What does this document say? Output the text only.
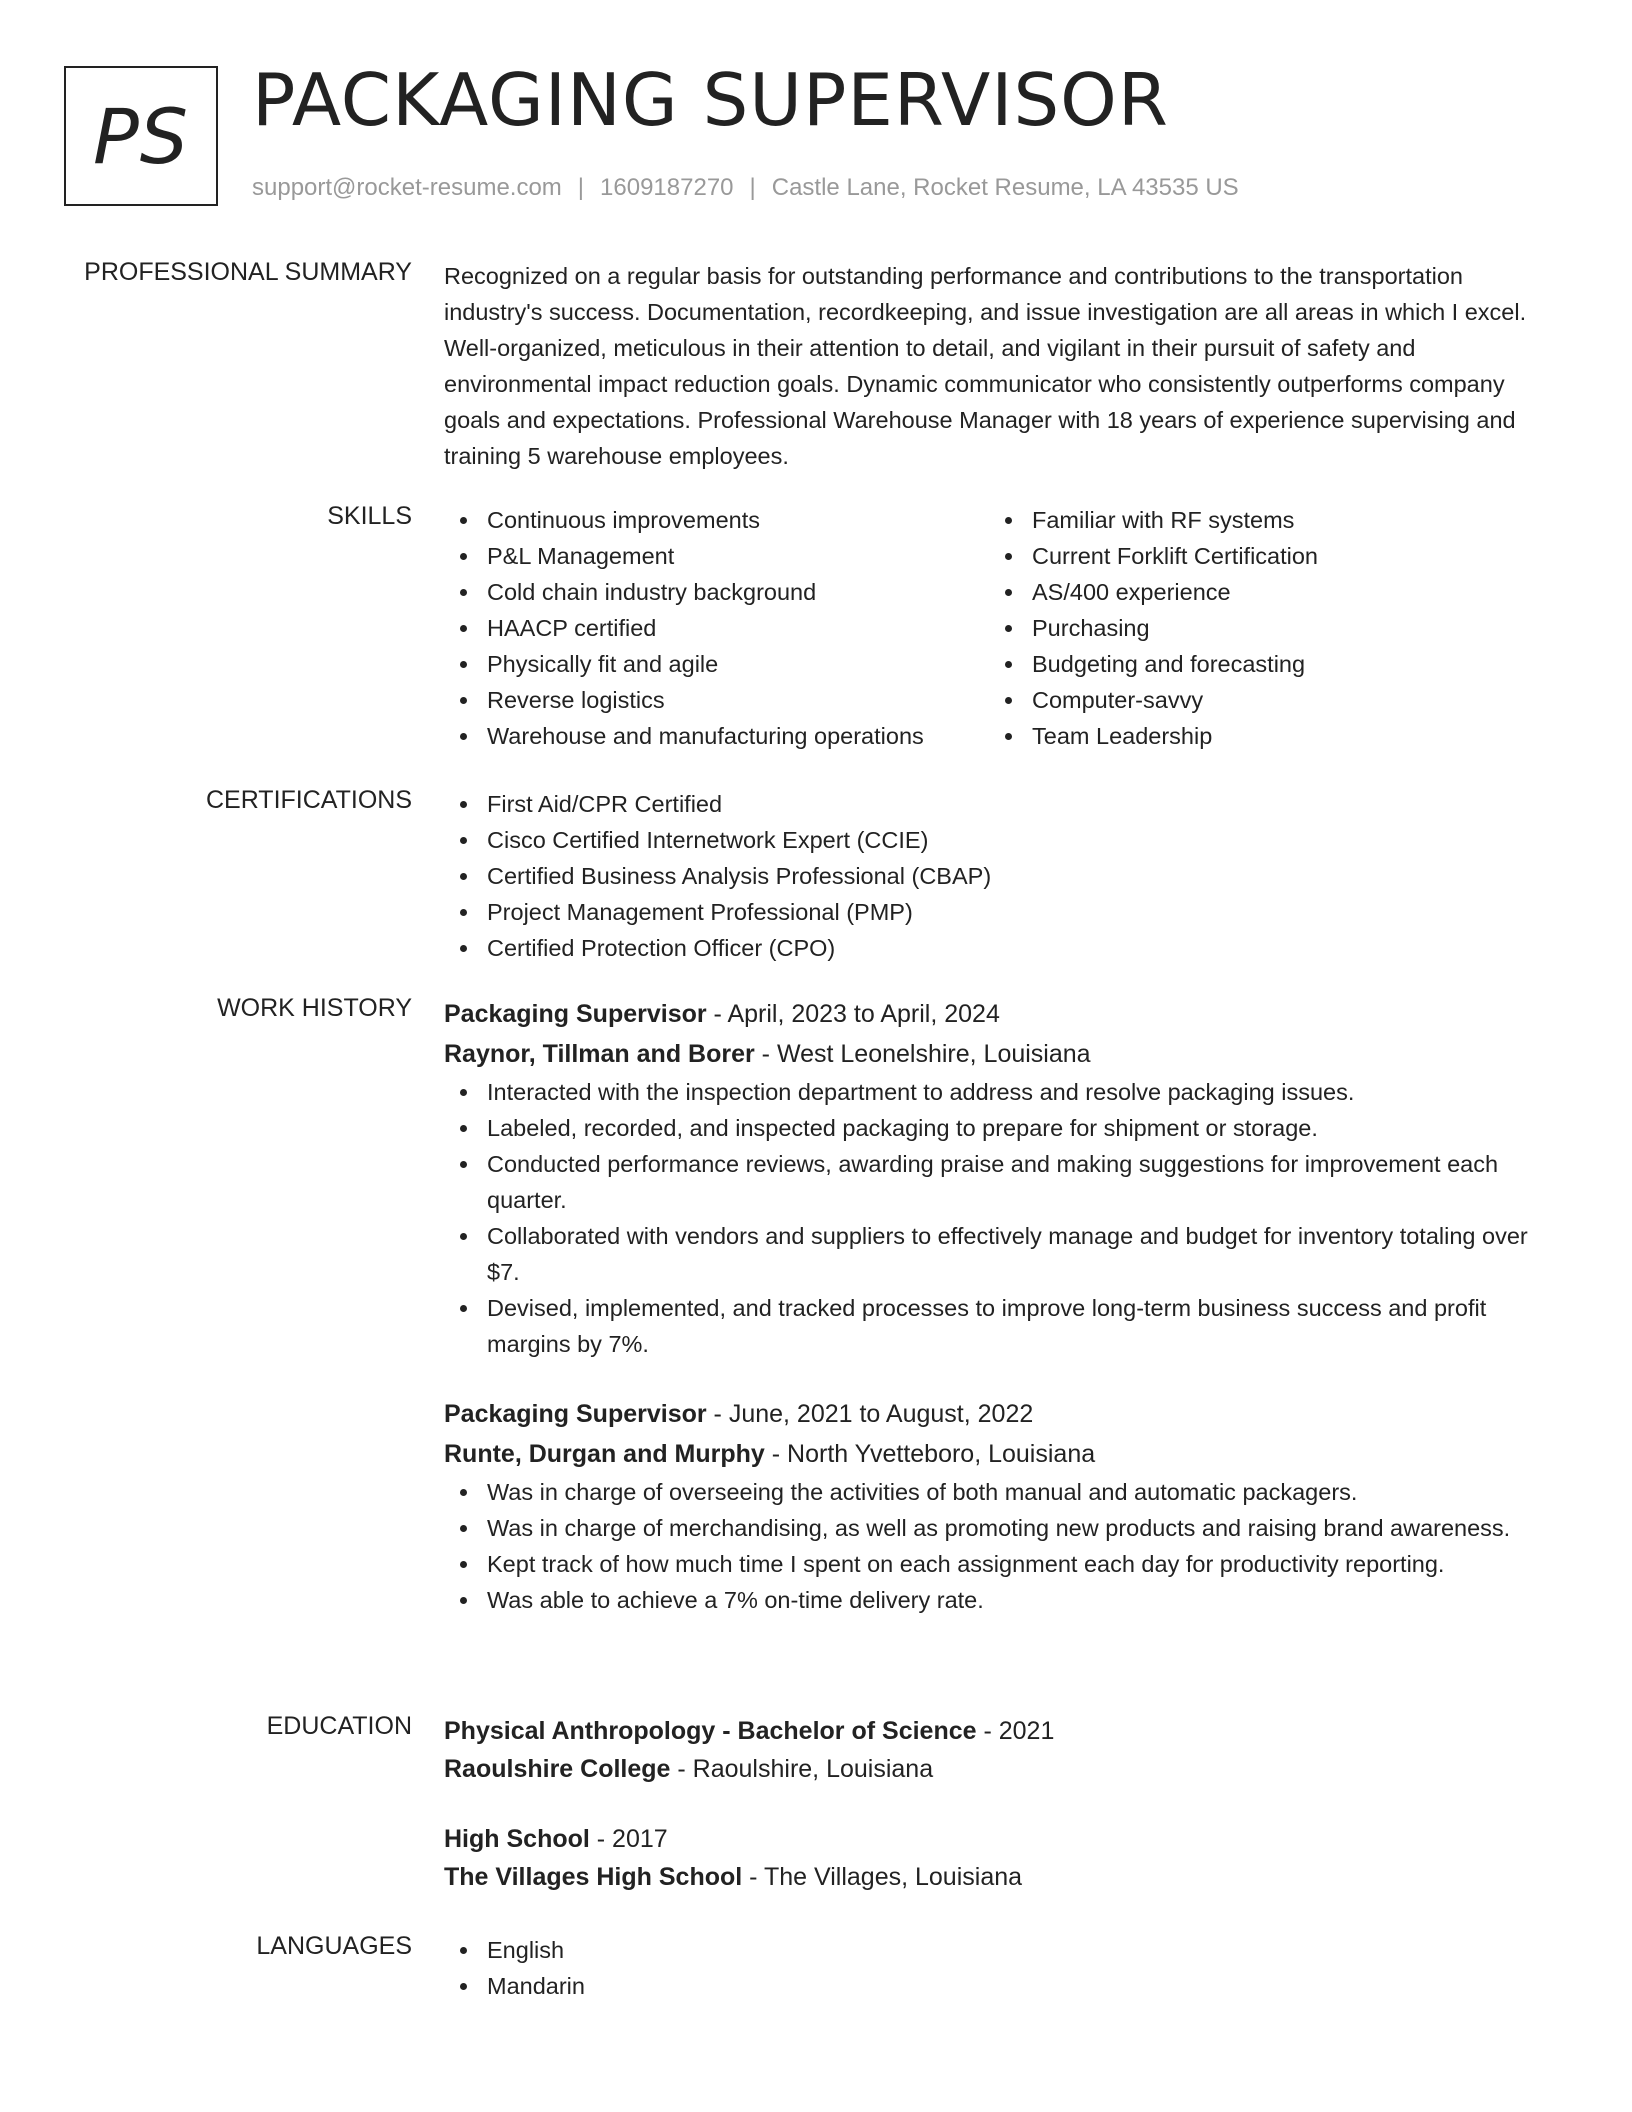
PS PACKAGING SUPERVISOR
support@rocket-resume.com | 1609187270 | Castle Lane, Rocket Resume, LA 43535 US
PROFESSIONAL SUMMARY Recognized on a regular basis for outstanding performance and contributions to the transportation industry's success. Documentation, recordkeeping, and issue investigation are all areas in which I excel. Well-organized, meticulous in their attention to detail, and vigilant in their pursuit of safety and environmental impact reduction goals. Dynamic communicator who consistently outperforms company goals and expectations. Professional Warehouse Manager with 18 years of experience supervising and training 5 warehouse employees.

SKILLS	Continuous improvements
P&L Management
Cold chain industry background
HAACP certified
Physically fit and agile
Reverse logistics
Warehouse and manufacturing operations
Familiar with RF systems
Current Forklift Certification
AS/400 experience
Purchasing
Budgeting and forecasting
Computer-savvy
Team Leadership
CERTIFICATIONS	First Aid/CPR Certified
Cisco Certified Internetwork Expert (CCIE)
Certified Business Analysis Professional (CBAP)
Project Management Professional (PMP)
Certified Protection Officer (CPO)
WORK HISTORY Packaging Supervisor - April, 2023 to April, 2024
Raynor, Tillman and Borer - West Leonelshire, Louisiana
Interacted with the inspection department to address and resolve packaging issues.
Labeled, recorded, and inspected packaging to prepare for shipment or storage.
Conducted performance reviews, awarding praise and making suggestions for improvement each quarter.
Collaborated with vendors and suppliers to effectively manage and budget for inventory totaling over $7.
Devised, implemented, and tracked processes to improve long-term business success and profit margins by 7%.
Packaging Supervisor - June, 2021 to August, 2022
Runte, Durgan and Murphy - North Yvetteboro, Louisiana
Was in charge of overseeing the activities of both manual and automatic packagers.
Was in charge of merchandising, as well as promoting new products and raising brand awareness.
Kept track of how much time I spent on each assignment each day for productivity reporting.
Was able to achieve a 7% on-time delivery rate.
EDUCATION Physical Anthropology - Bachelor of Science - 2021
Raoulshire College - Raoulshire, Louisiana
High School - 2017
The Villages High School - The Villages, Louisiana
LANGUAGES	English
Mandarin
